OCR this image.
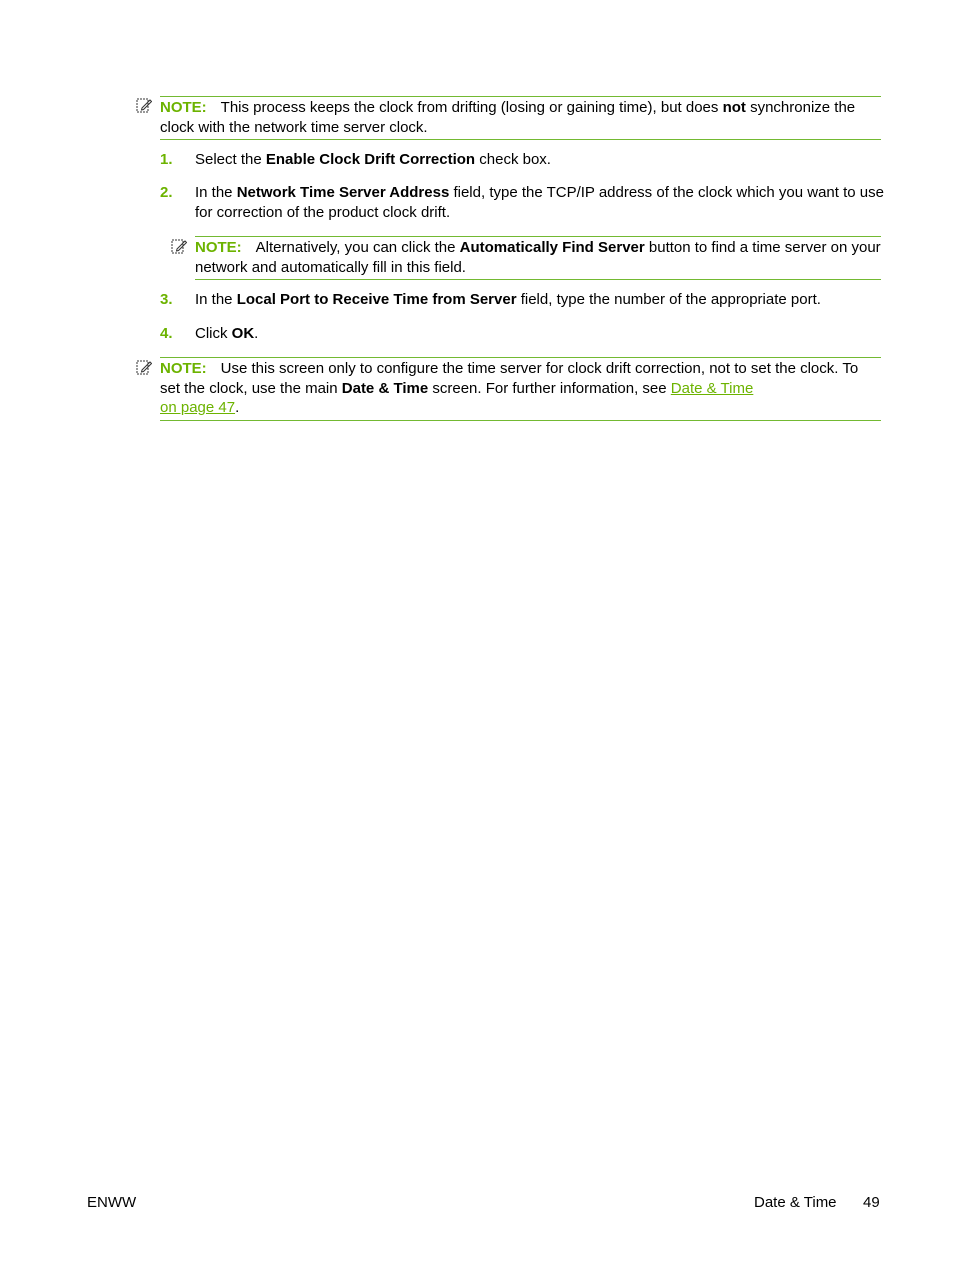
NOTE: This process keeps the clock from drifting (losing or gaining time), but does not synchronize the clock with the network time server clock.
1. Select the Enable Clock Drift Correction check box.
2. In the Network Time Server Address field, type the TCP/IP address of the clock which you want to use for correction of the product clock drift.
NOTE: Alternatively, you can click the Automatically Find Server button to find a time server on your network and automatically fill in this field.
3. In the Local Port to Receive Time from Server field, type the number of the appropriate port.
4. Click OK.
NOTE: Use this screen only to configure the time server for clock drift correction, not to set the clock. To set the clock, use the main Date & Time screen. For further information, see Date & Time
on page 47.
ENWW	Date & Time 49
